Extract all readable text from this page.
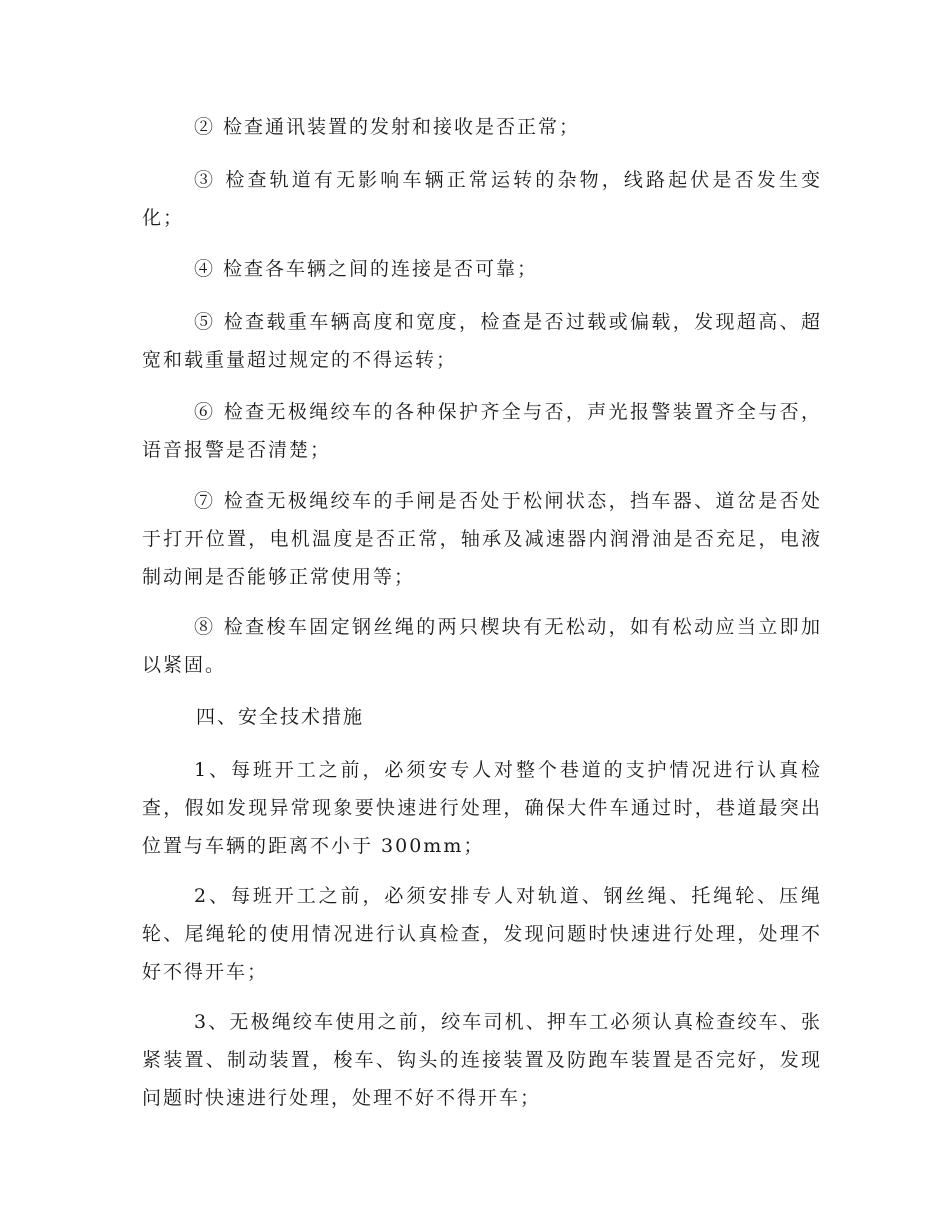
② 检查通讯装置的发射和接收是否正常；

③ 检查轨道有无影响车辆正常运转的杂物，线路起伏是否发生变化；

④ 检查各车辆之间的连接是否可靠；

⑤ 检查载重车辆高度和宽度，检查是否过载或偏载，发现超高、超宽和载重量超过规定的不得运转；

⑥ 检查无极绳绞车的各种保护齐全与否，声光报警装置齐全与否，语音报警是否清楚；

⑦ 检查无极绳绞车的手闸是否处于松闸状态，挡车器、道岔是否处于打开位置，电机温度是否正常，轴承及减速器内润滑油是否充足，电液制动闸是否能够正常使用等；

⑧ 检查梭车固定钢丝绳的两只楔块有无松动，如有松动应当立即加以紧固。

四、安全技术措施

1、每班开工之前，必须安专人对整个巷道的支护情况进行认真检查，假如发现异常现象要快速进行处理，确保大件车通过时，巷道最突出位置与车辆的距离不小于 300mm；

2、每班开工之前，必须安排专人对轨道、钢丝绳、托绳轮、压绳轮、尾绳轮的使用情况进行认真检查，发现问题时快速进行处理，处理不好不得开车；

3、无极绳绞车使用之前，绞车司机、押车工必须认真检查绞车、张紧装置、制动装置，梭车、钩头的连接装置及防跑车装置是否完好，发现问题时快速进行处理，处理不好不得开车；
